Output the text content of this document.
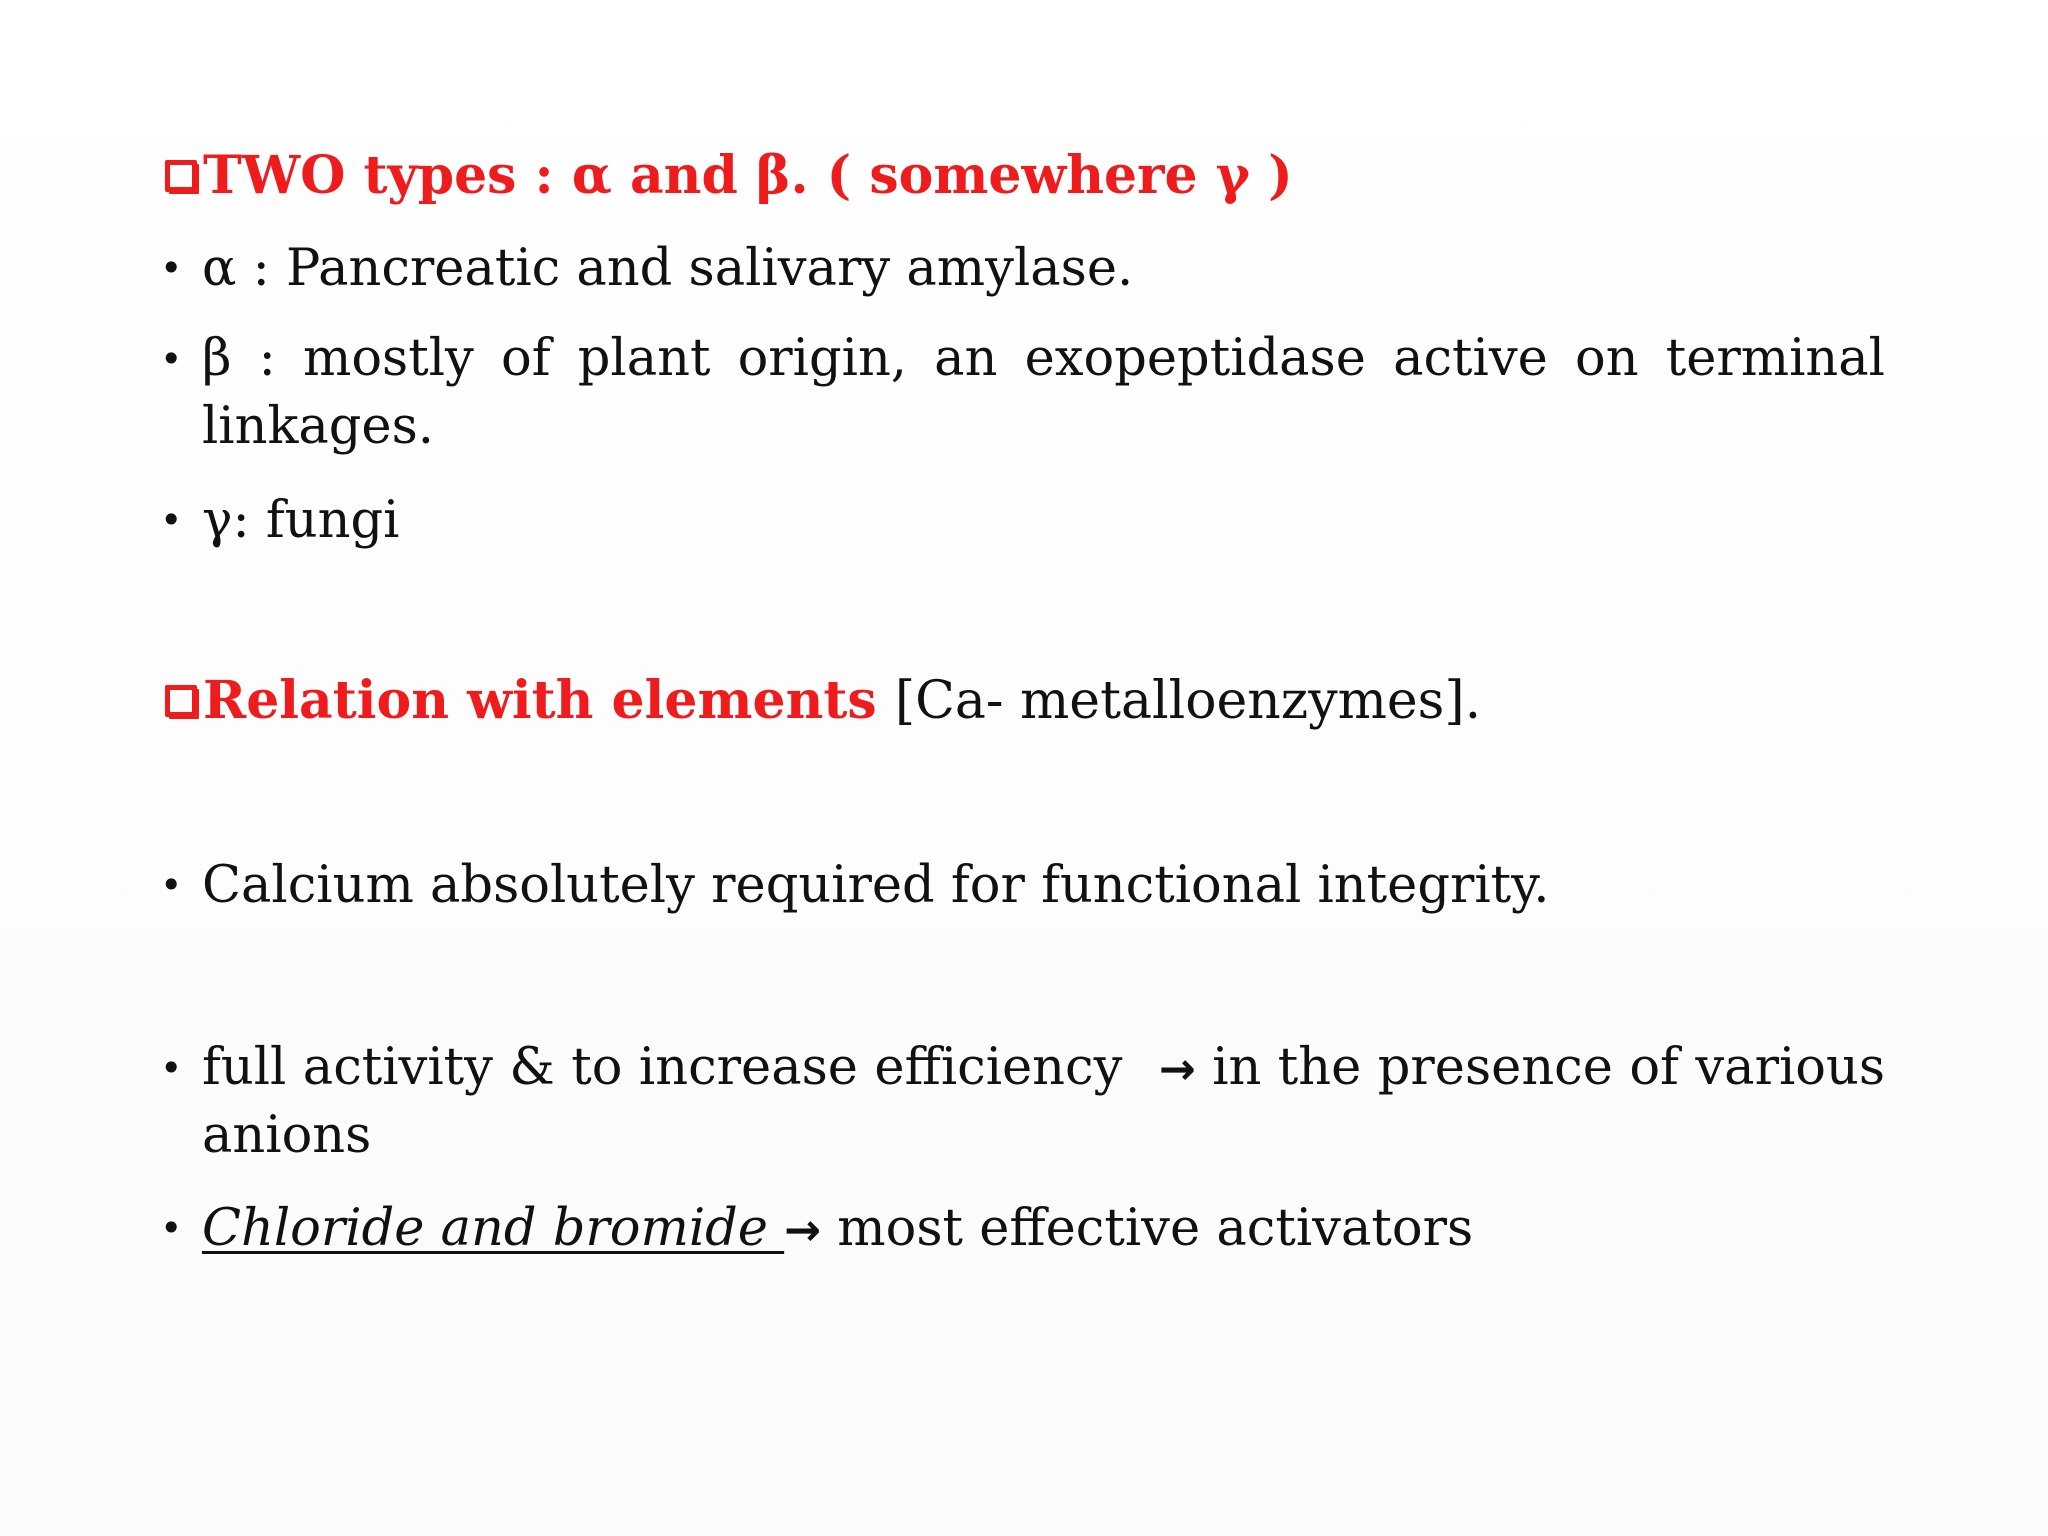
TWO types : α and β. ( somewhere γ )
• α : Pancreatic and salivary amylase.
• β : mostly of plant origin, an exopeptidase active on terminal
linkages.
• γ: fungi
Relation with elements [Ca- metalloenzymes].
• Calcium absolutely required for functional integrity.
• full activity & to increase efficiency → in the presence of various
anions
• Chloride and bromide → most effective activators
